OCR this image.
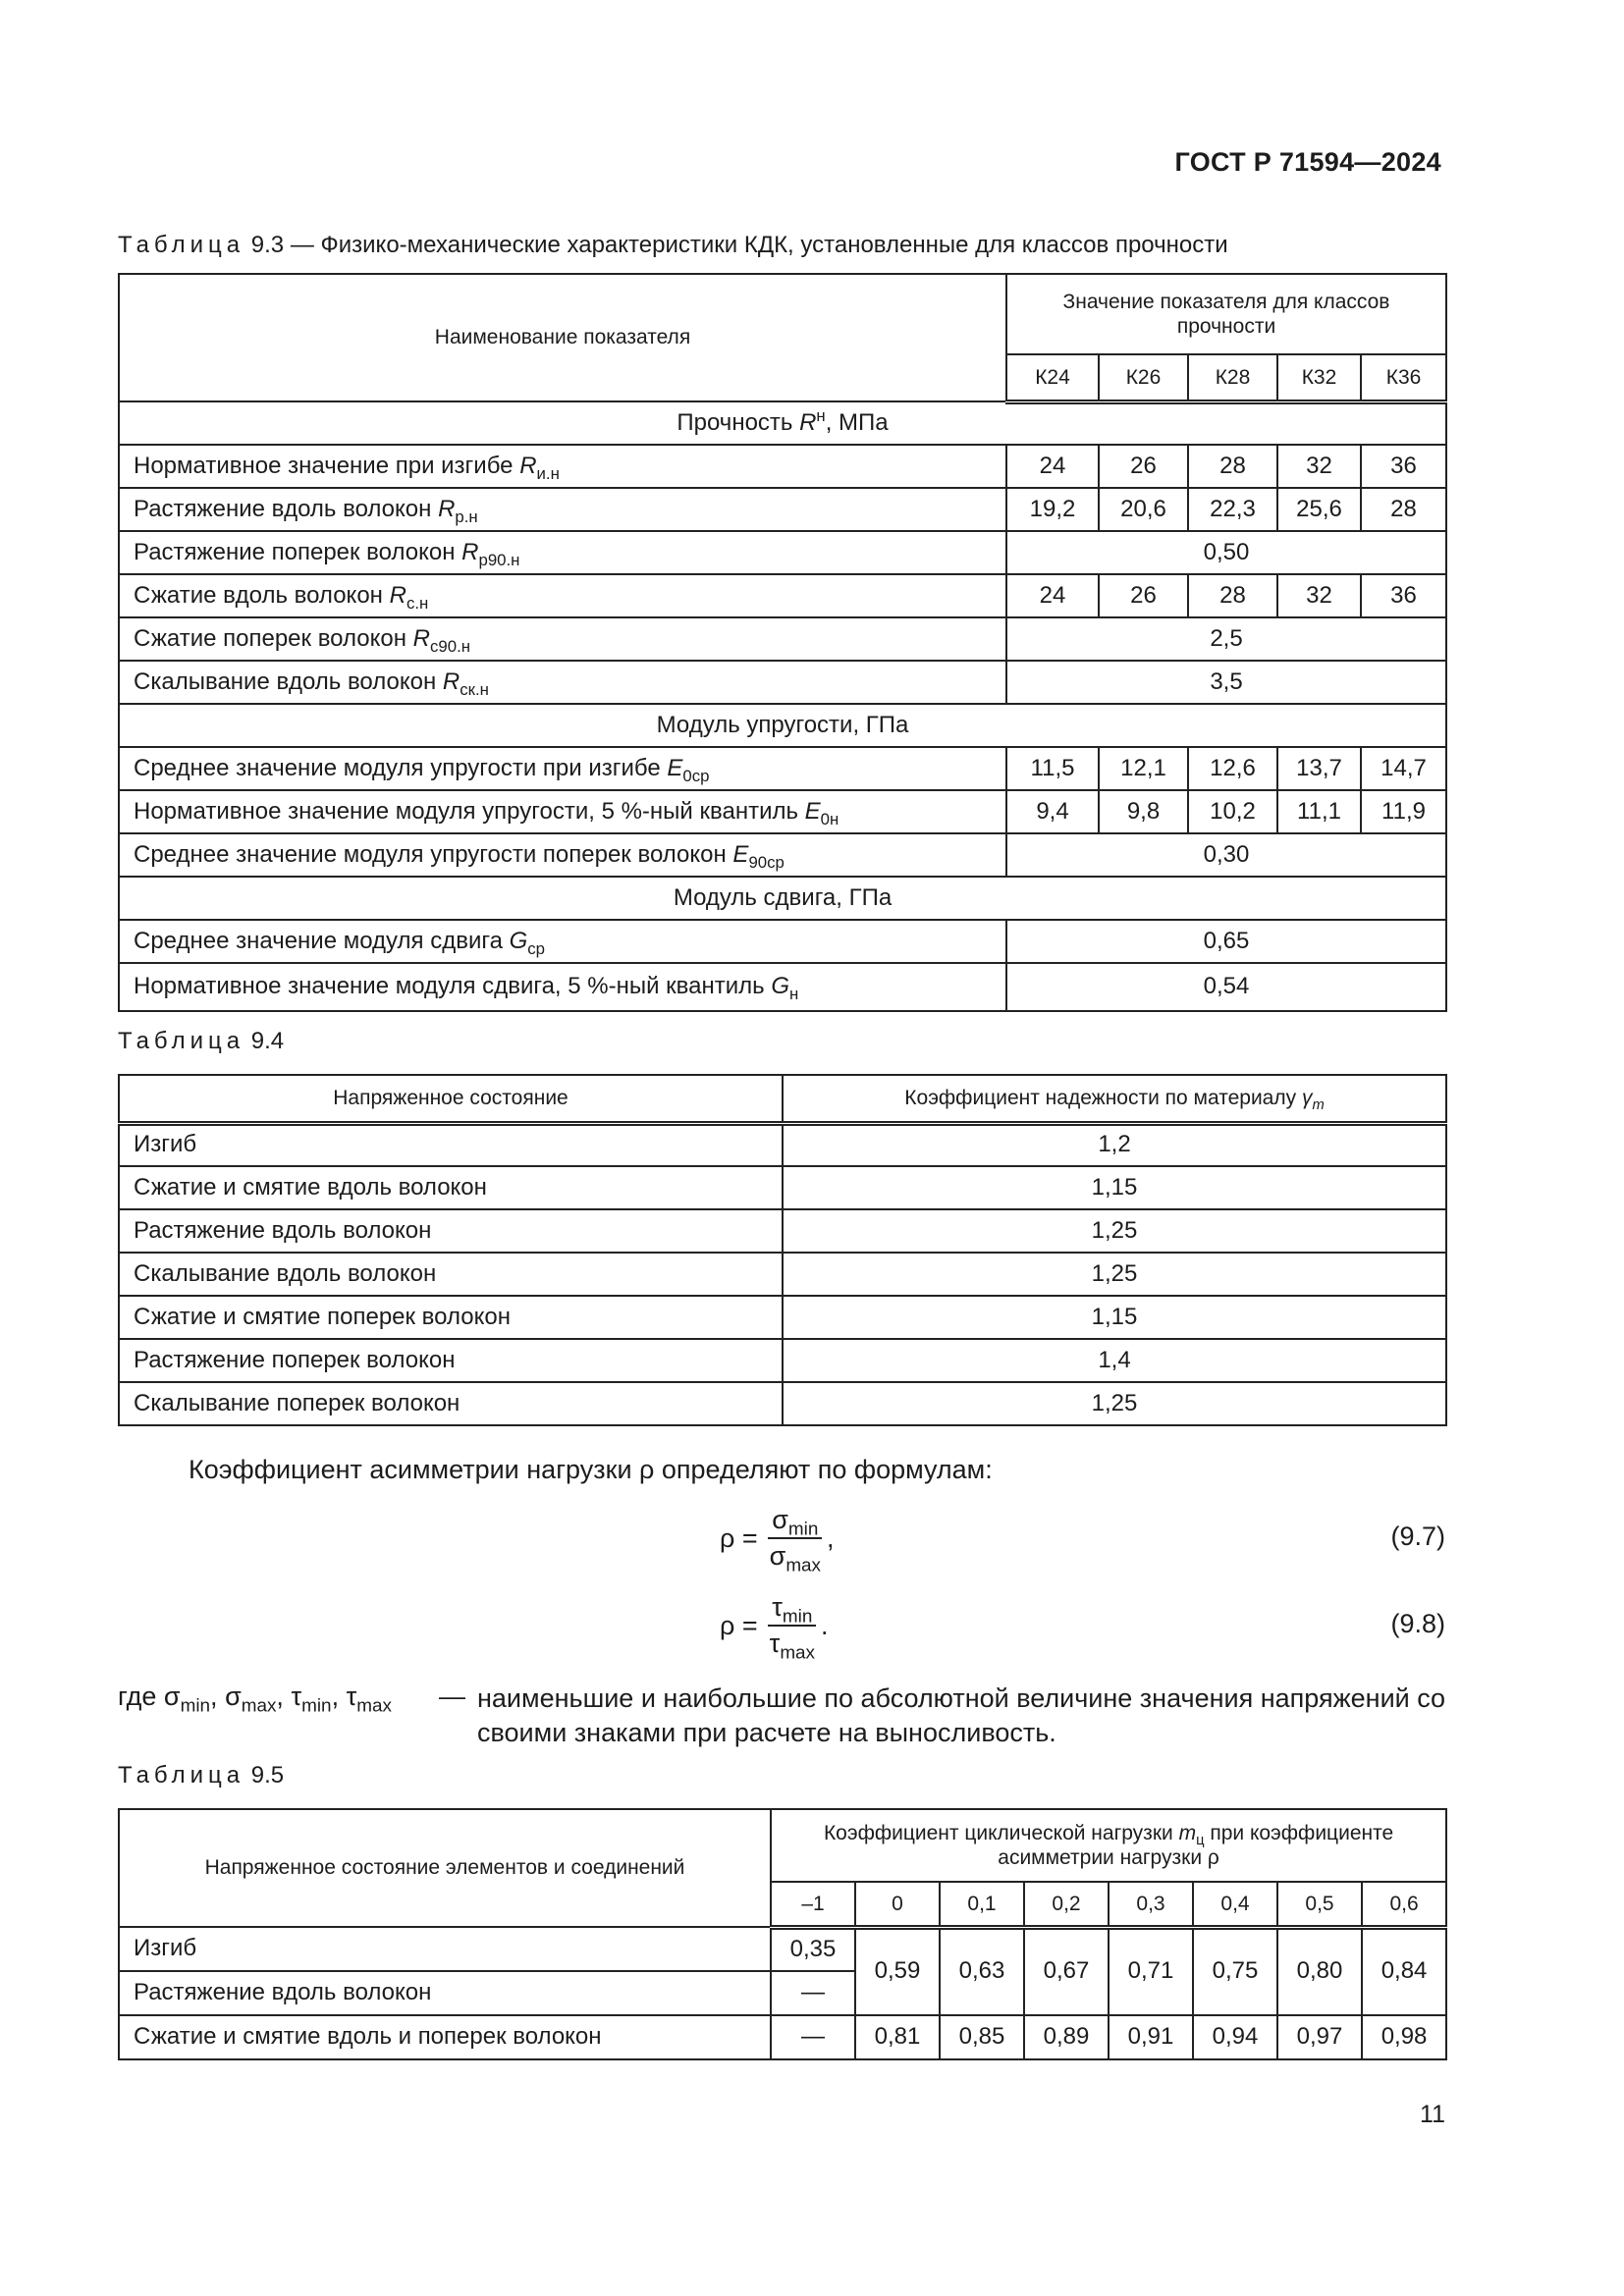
ГОСТ Р 71594—2024
Таблица 9.3 — Физико-механические характеристики КДК, установленные для классов прочности
Наименование показателя	Значение показателя для классов прочности				
	К24	К26	К28	К32	К36
Прочность $R^н$, МПа					
Нормативное значение при изгибе $R_{и.н}$	24	26	28	32	36
Растяжение вдоль волокон $R_{р.н}$	19,2	20,6	22,3	25,6	28
Растяжение поперек волокон $R_{р90.н}$	0,50				
Сжатие вдоль волокон $R_{с.н}$	24	26	28	32	36
Сжатие поперек волокон $R_{с90.н}$	2,5				
Скалывание вдоль волокон $R_{ск.н}$	3,5				
Модуль упругости, ГПа					
Среднее значение модуля упругости при изгибе $E_{0ср}$	11,5	12,1	12,6	13,7	14,7
Нормативное значение модуля упругости, 5 %-ный квантиль $E_{0н}$	9,4	9,8	10,2	11,1	11,9
Среднее значение модуля упругости поперек волокон $E_{90ср}$	0,30				
Модуль сдвига, ГПа					
Среднее значение модуля сдвига $G_{ср}$	0,65				
Нормативное значение модуля сдвига, 5 %-ный квантиль $G_н$	0,54				
Таблица 9.4
Напряженное состояние	Коэффициент надежности по материалу $\gamma_m$
Изгиб	1,2
Сжатие и смятие вдоль волокон	1,15
Растяжение вдоль волокон	1,25
Скалывание вдоль волокон	1,25
Сжатие и смятие поперек волокон	1,15
Растяжение поперек волокон	1,4
Скалывание поперек волокон	1,25
Коэффициент асимметрии нагрузки ρ определяют по формулам:
$\rho = \frac{\sigma_{min}}{\sigma_{max}}$ ,	(9.7)
$\rho = \frac{\tau_{min}}{\tau_{max}}$ .	(9.8)
где $\sigma_{min}$, $\sigma_{max}$, $\tau_{min}$, $\tau_{max}$ — наименьшие и наибольшие по абсолютной величине значения напряжений со своими знаками при расчете на выносливость.
Таблица 9.5
Напряженное состояние элементов и соединений	Коэффициент циклической нагрузки $m_ц$ при коэффициенте асимметрии нагрузки ρ							
	–1	0	0,1	0,2	0,3	0,4	0,5	0,6
Изгиб	0,35	0,59	0,63	0,67	0,71	0,75	0,80	0,84
Растяжение вдоль волокон	—							
Сжатие и смятие вдоль и поперек волокон	—	0,81	0,85	0,89	0,91	0,94	0,97	0,98
11
